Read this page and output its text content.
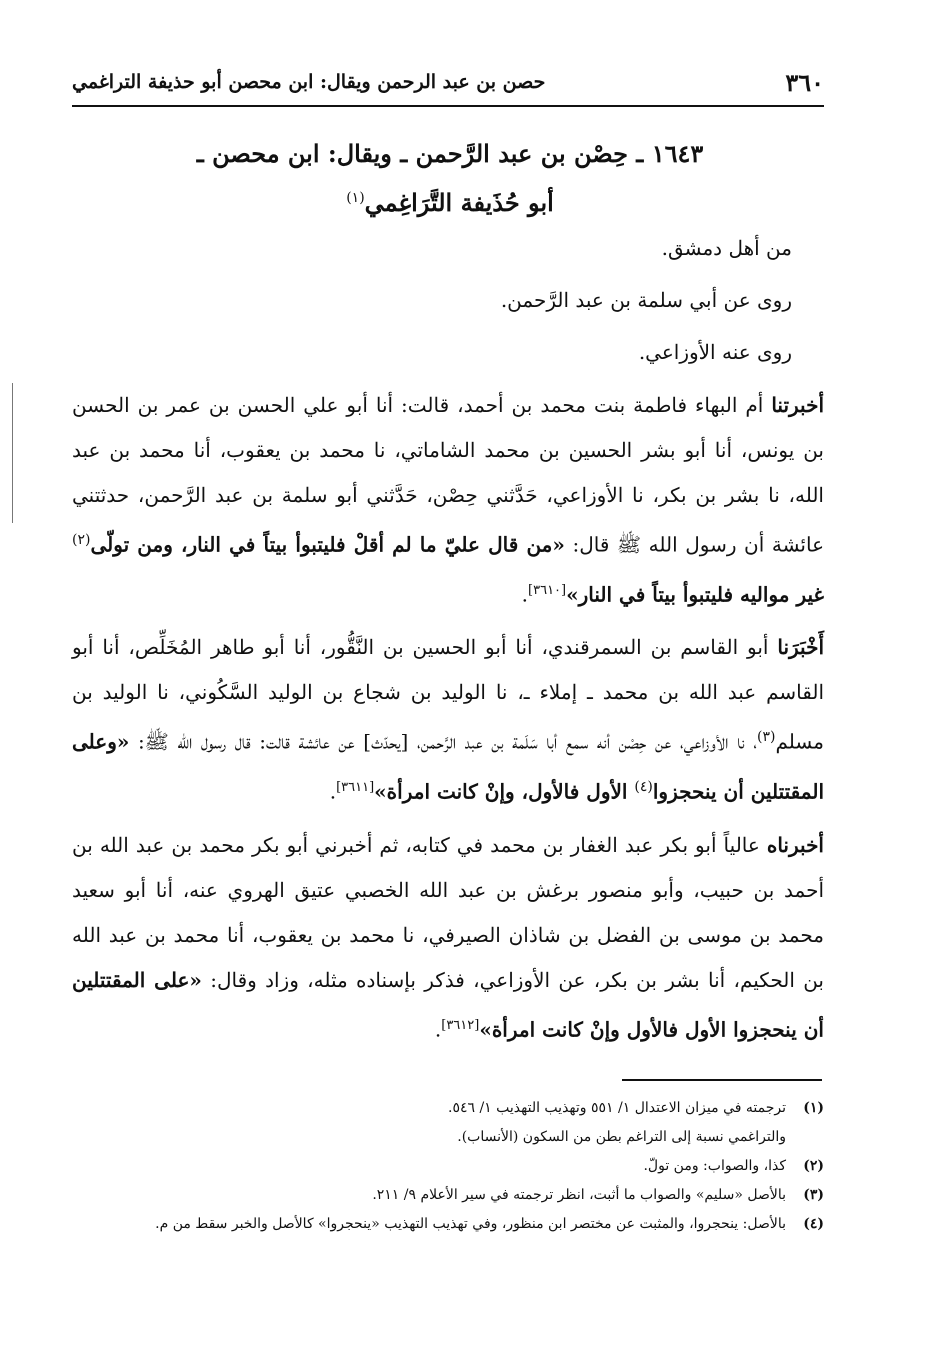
٣٦٠
حصن بن عبد الرحمن ويقال: ابن محصن أبو حذيفة التراغمي
١٦٤٣ ـ حِصْن بن عبد الرَّحمن ـ ويقال: ابن محصن ـ
أبو حُذَيفة التَّرَاغِمي$^{(١)}$

من أهل دمشق.

روى عن أبي سلمة بن عبد الرَّحمن.

روى عنه الأوزاعي.

أخبرتنا أم البهاء فاطمة بنت محمد بن أحمد، قالت: أنا أبو علي الحسن بن عمر بن الحسن بن يونس، أنا أبو بشر الحسين بن محمد الشاماتي، نا محمد بن يعقوب، أنا محمد بن عبد الله، نا بشر بن بكر، نا الأوزاعي، حَدَّثني حِصْن، حَدَّثني أبو سلمة بن عبد الرَّحمن، حدثتني عائشة أن رسول الله ﷺ قال: «من قال عليّ ما لم أقلْ فليتبوأ بيتاً في النار، ومن تولّى$^{(٢)}$ غير مواليه فليتبوأ بيتاً في النار»[٣٦١٠].

أَخْبَرَنا أبو القاسم بن السمرقندي، أنا أبو الحسين بن النَّقُّور، أنا أبو طاهر المُخَلِّص، أنا أبو القاسم عبد الله بن محمد ـ إملاء ـ، نا الوليد بن شجاع بن الوليد السَّكُوني، نا الوليد بن مسلم$^{(٣)}$، نا الأوزاعي، عن حِصْن أنه سمع أبا سَلَمة بن عبد الرَّحمن، [يحدّث] عن عائشة قالت: قال رسول الله ﷺ: «وعلى المقتتلين أن ينحجزوا$^{(٤)}$ الأول فالأول، وإنْ كانت امرأة»[٣٦١١].

أخبرناه عالياً أبو بكر عبد الغفار بن محمد في كتابه، ثم أخبرني أبو بكر محمد بن عبد الله بن أحمد بن حبيب، وأبو منصور برغش بن عبد الله الخصبي عتيق الهروي عنه، أنا أبو سعيد محمد بن موسى بن الفضل بن شاذان الصيرفي، نا محمد بن يعقوب، أنا محمد بن عبد الله بن الحكيم، أنا بشر بن بكر، عن الأوزاعي، فذكر بإسناده مثله، وزاد وقال: «على المقتتلين أن ينحجزوا الأول فالأول وإنْ كانت امرأة»[٣٦١٢].

(١)
ترجمته في ميزان الاعتدال ١/ ٥٥١ وتهذيب التهذيب ١/ ٥٤٦.
والتراغمي نسبة إلى التراغم بطن من السكون (الأنساب).
(٢)
كذا، والصواب: ومن تولّ.
(٣)
بالأصل «سليم» والصواب ما أثبت، انظر ترجمته في سير الأعلام ٩/ ٢١١.
(٤)
بالأصل: ينحجروا، والمثبت عن مختصر ابن منظور، وفي تهذيب التهذيب «ينحجروا» كالأصل والخبر سقط من م.
